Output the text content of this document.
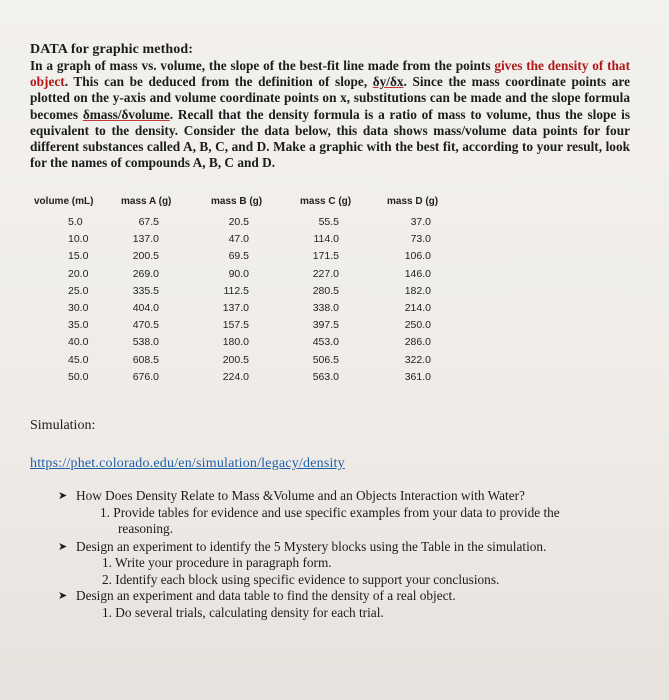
DATA for graphic method:
In a graph of mass vs. volume, the slope of the best-fit line made from the points gives the density of that object. This can be deduced from the definition of slope, δy/δx. Since the mass coordinate points are plotted on the y-axis and volume coordinate points on x, substitutions can be made and the slope formula becomes δmass/δvolume. Recall that the density formula is a ratio of mass to volume, thus the slope is equivalent to the density. Consider the data below, this data shows mass/volume data points for four different substances called A, B, C, and D. Make a graphic with the best fit, according to your result, look for the names of compounds A, B, C and D.
volume (mL)	mass A (g)	mass B (g)	mass C (g)	mass D (g)
5.0	67.5	20.5	55.5	37.0
10.0	137.0	47.0	114.0	73.0
15.0	200.5	69.5	171.5	106.0
20.0	269.0	90.0	227.0	146.0
25.0	335.5	112.5	280.5	182.0
30.0	404.0	137.0	338.0	214.0
35.0	470.5	157.5	397.5	250.0
40.0	538.0	180.0	453.0	286.0
45.0	608.5	200.5	506.5	322.0
50.0	676.0	224.0	563.0	361.0
Simulation:
https://phet.colorado.edu/en/simulation/legacy/density
➤ How Does Density Relate to Mass &Volume and an Objects Interaction with Water?
1. Provide tables for evidence and use specific examples from your data to provide the reasoning.
➤ Design an experiment to identify the 5 Mystery blocks using the Table in the simulation.
1. Write your procedure in paragraph form.
2. Identify each block using specific evidence to support your conclusions.
➤ Design an experiment and data table to find the density of a real object.
1. Do several trials, calculating density for each trial.
